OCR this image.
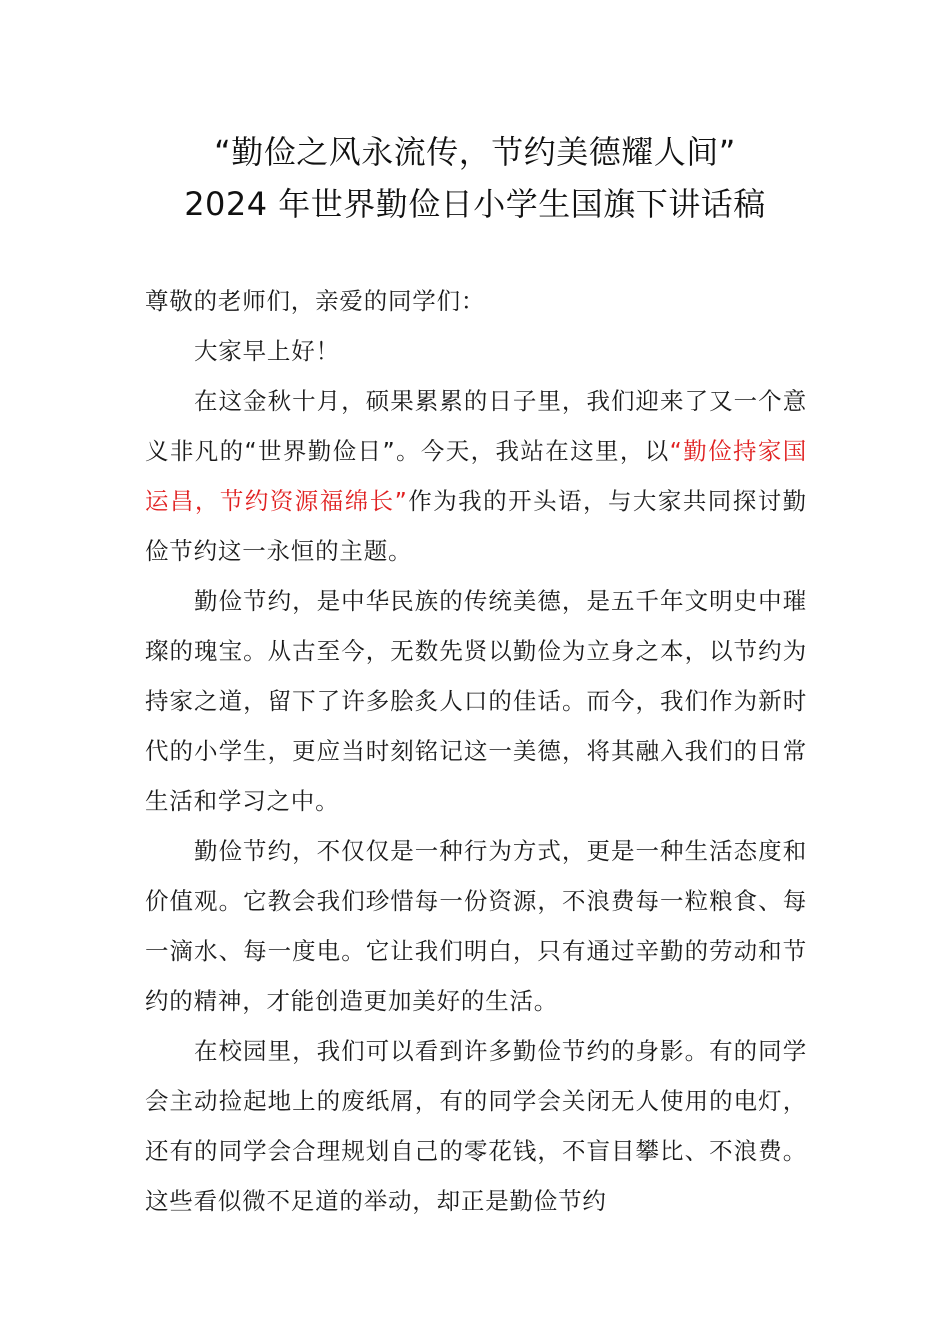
“勤俭之风永流传，节约美德耀人间”
2024 年世界勤俭日小学生国旗下讲话稿

尊敬的老师们，亲爱的同学们：

大家早上好！

在这金秋十月，硕果累累的日子里，我们迎来了又一个意义非凡的“世界勤俭日”。今天，我站在这里，以“勤俭持家国运昌，节约资源福绵长”作为我的开头语，与大家共同探讨勤俭节约这一永恒的主题。

勤俭节约，是中华民族的传统美德，是五千年文明史中璀璨的瑰宝。从古至今，无数先贤以勤俭为立身之本，以节约为持家之道，留下了许多脍炙人口的佳话。而今，我们作为新时代的小学生，更应当时刻铭记这一美德，将其融入我们的日常生活和学习之中。

勤俭节约，不仅仅是一种行为方式，更是一种生活态度和价值观。它教会我们珍惜每一份资源，不浪费每一粒粮食、每一滴水、每一度电。它让我们明白，只有通过辛勤的劳动和节约的精神，才能创造更加美好的生活。

在校园里，我们可以看到许多勤俭节约的身影。有的同学会主动捡起地上的废纸屑，有的同学会关闭无人使用的电灯，还有的同学会合理规划自己的零花钱，不盲目攀比、不浪费。这些看似微不足道的举动，却正是勤俭节约
